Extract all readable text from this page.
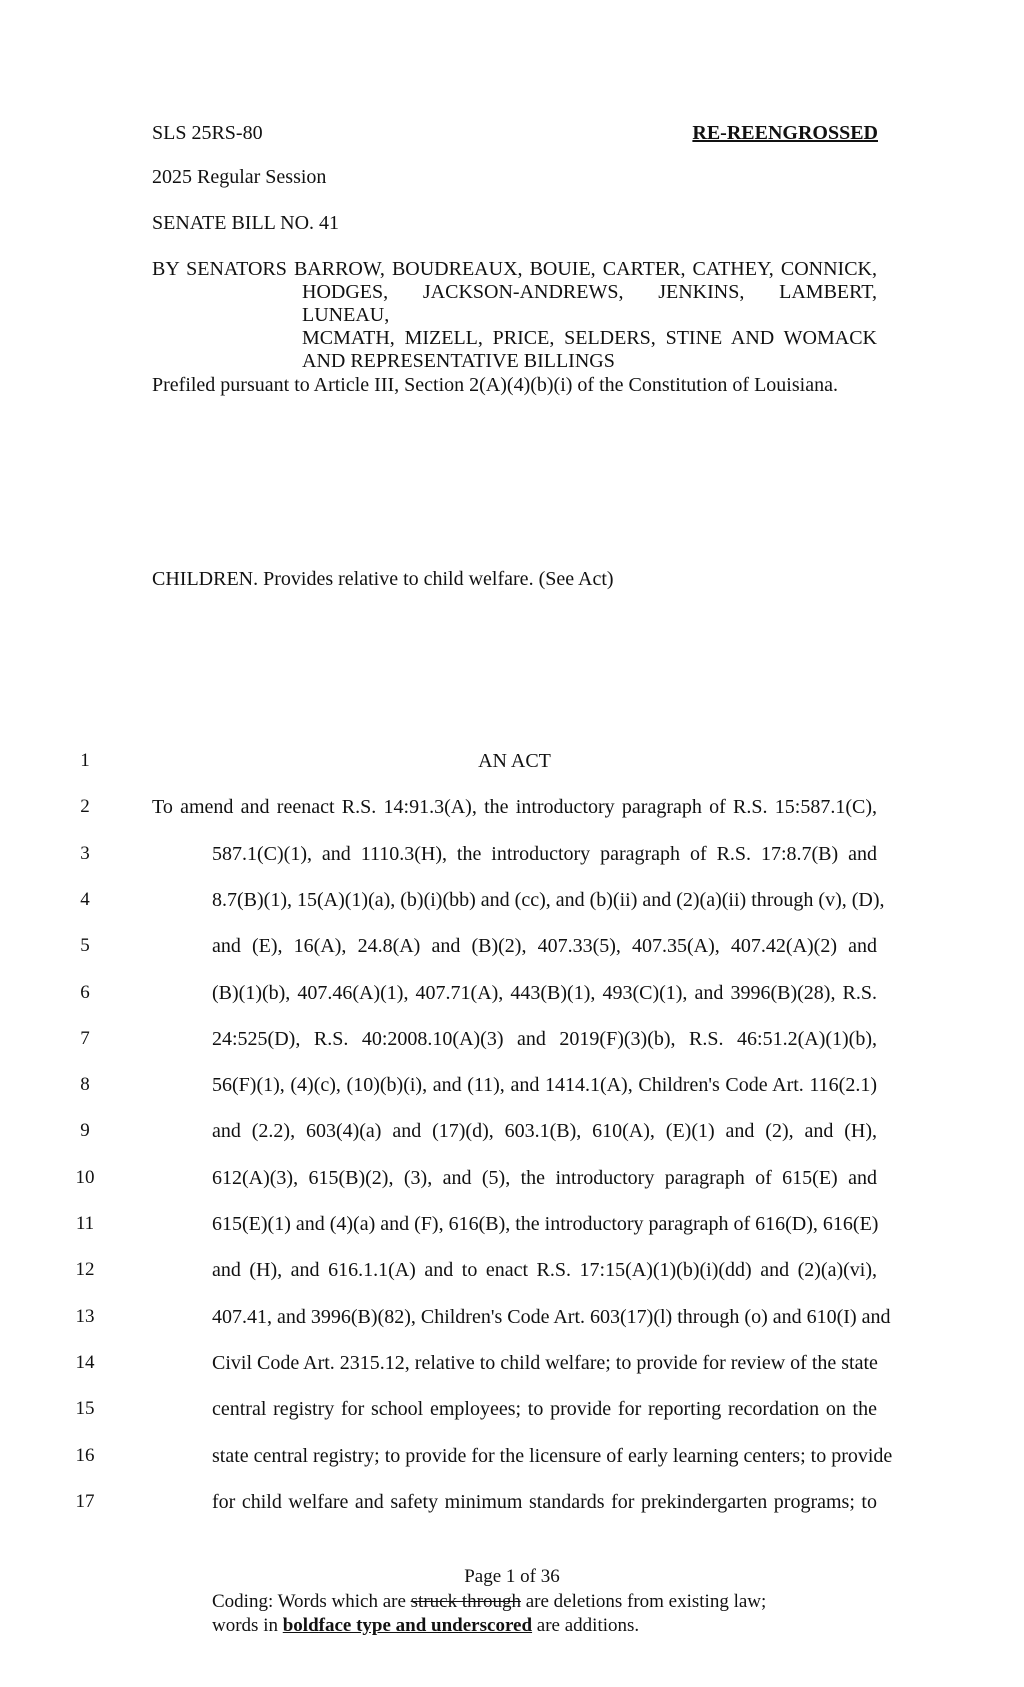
SLS 25RS-80	RE-REENGROSSED
2025 Regular Session
SENATE BILL NO. 41
BY SENATORS BARROW, BOUDREAUX, BOUIE, CARTER, CATHEY, CONNICK,
HODGES, JACKSON-ANDREWS, JENKINS, LAMBERT, LUNEAU,
MCMATH, MIZELL, PRICE, SELDERS, STINE AND WOMACK
AND REPRESENTATIVE BILLINGS
Prefiled pursuant to Article III, Section 2(A)(4)(b)(i) of the Constitution of Louisiana.
CHILDREN. Provides relative to child welfare. (See Act)
AN ACT
1
2	To amend and reenact R.S. 14:91.3(A), the introductory paragraph of R.S. 15:587.1(C),
3	587.1(C)(1), and 1110.3(H), the introductory paragraph of R.S. 17:8.7(B) and
4	8.7(B)(1), 15(A)(1)(a), (b)(i)(bb) and (cc), and (b)(ii) and (2)(a)(ii) through (v), (D),
5	and (E), 16(A), 24.8(A) and (B)(2), 407.33(5), 407.35(A), 407.42(A)(2) and
6	(B)(1)(b), 407.46(A)(1), 407.71(A), 443(B)(1), 493(C)(1), and 3996(B)(28), R.S.
7	24:525(D), R.S. 40:2008.10(A)(3) and 2019(F)(3)(b), R.S. 46:51.2(A)(1)(b),
8	56(F)(1), (4)(c), (10)(b)(i), and (11), and 1414.1(A), Children's Code Art. 116(2.1)
9	and (2.2), 603(4)(a) and (17)(d), 603.1(B), 610(A), (E)(1) and (2), and (H),
10	612(A)(3), 615(B)(2), (3), and (5), the introductory paragraph of 615(E) and
11	615(E)(1) and (4)(a) and (F), 616(B), the introductory paragraph of 616(D), 616(E)
12	and (H), and 616.1.1(A) and to enact R.S. 17:15(A)(1)(b)(i)(dd) and (2)(a)(vi),
13	407.41, and 3996(B)(82), Children's Code Art. 603(17)(l) through (o) and 610(I) and
14	Civil Code Art. 2315.12, relative to child welfare; to provide for review of the state
15	central registry for school employees; to provide for reporting recordation on the
16	state central registry; to provide for the licensure of early learning centers; to provide
17	for child welfare and safety minimum standards for prekindergarten programs; to
Page 1 of 36
Coding: Words which are struck through are deletions from existing law;
words in boldface type and underscored are additions.
